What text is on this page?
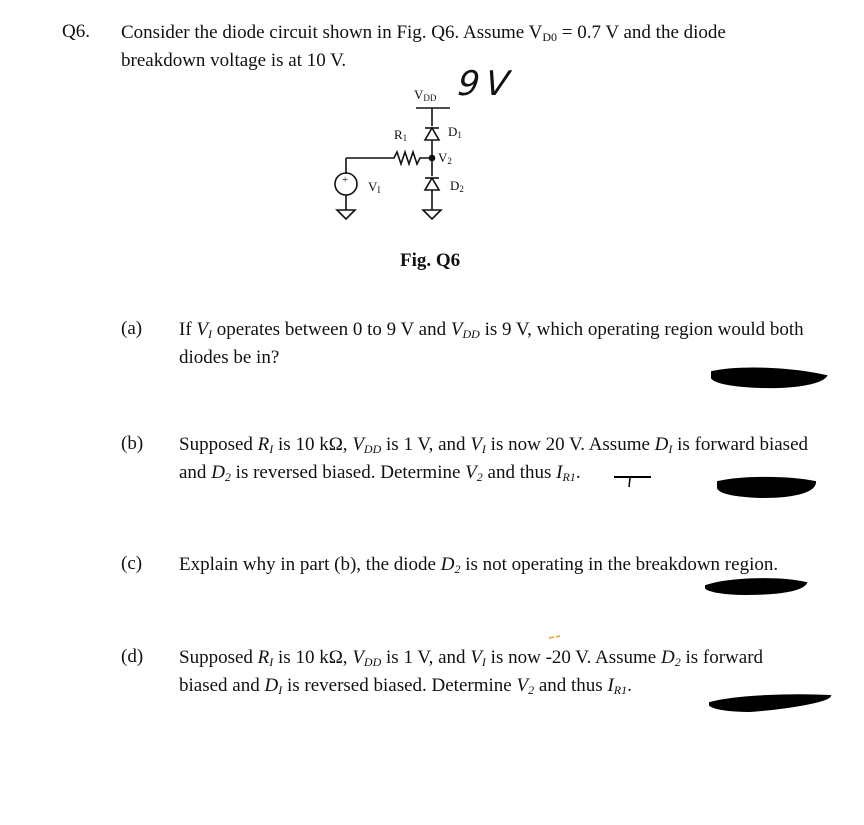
Q6. Consider the diode circuit shown in Fig. Q6. Assume $V_{D0} = 0.7$ V and the diode
breakdown voltage is at 10 V.
VDD
R1	D1
V2
D2
VI
+
9V
Fig. Q6
(a) If $V_I$ operates between 0 to 9 V and $V_{DD}$ is 9 V, which operating region would both diodes be in?
(b) Supposed $R_I$ is 10 kΩ, $V_{DD}$ is 1 V, and $V_I$ is now 20 V. Assume $D_I$ is forward biased and $D_2$ is reversed biased. Determine $V_2$ and thus $I_{R1}$.
(c) Explain why in part (b), the diode $D_2$ is not operating in the breakdown region.
(d) Supposed $R_I$ is 10 kΩ, $V_{DD}$ is 1 V, and $V_I$ is now -20 V. Assume $D_2$ is forward biased and $D_I$ is reversed biased. Determine $V_2$ and thus $I_{R1}$.
